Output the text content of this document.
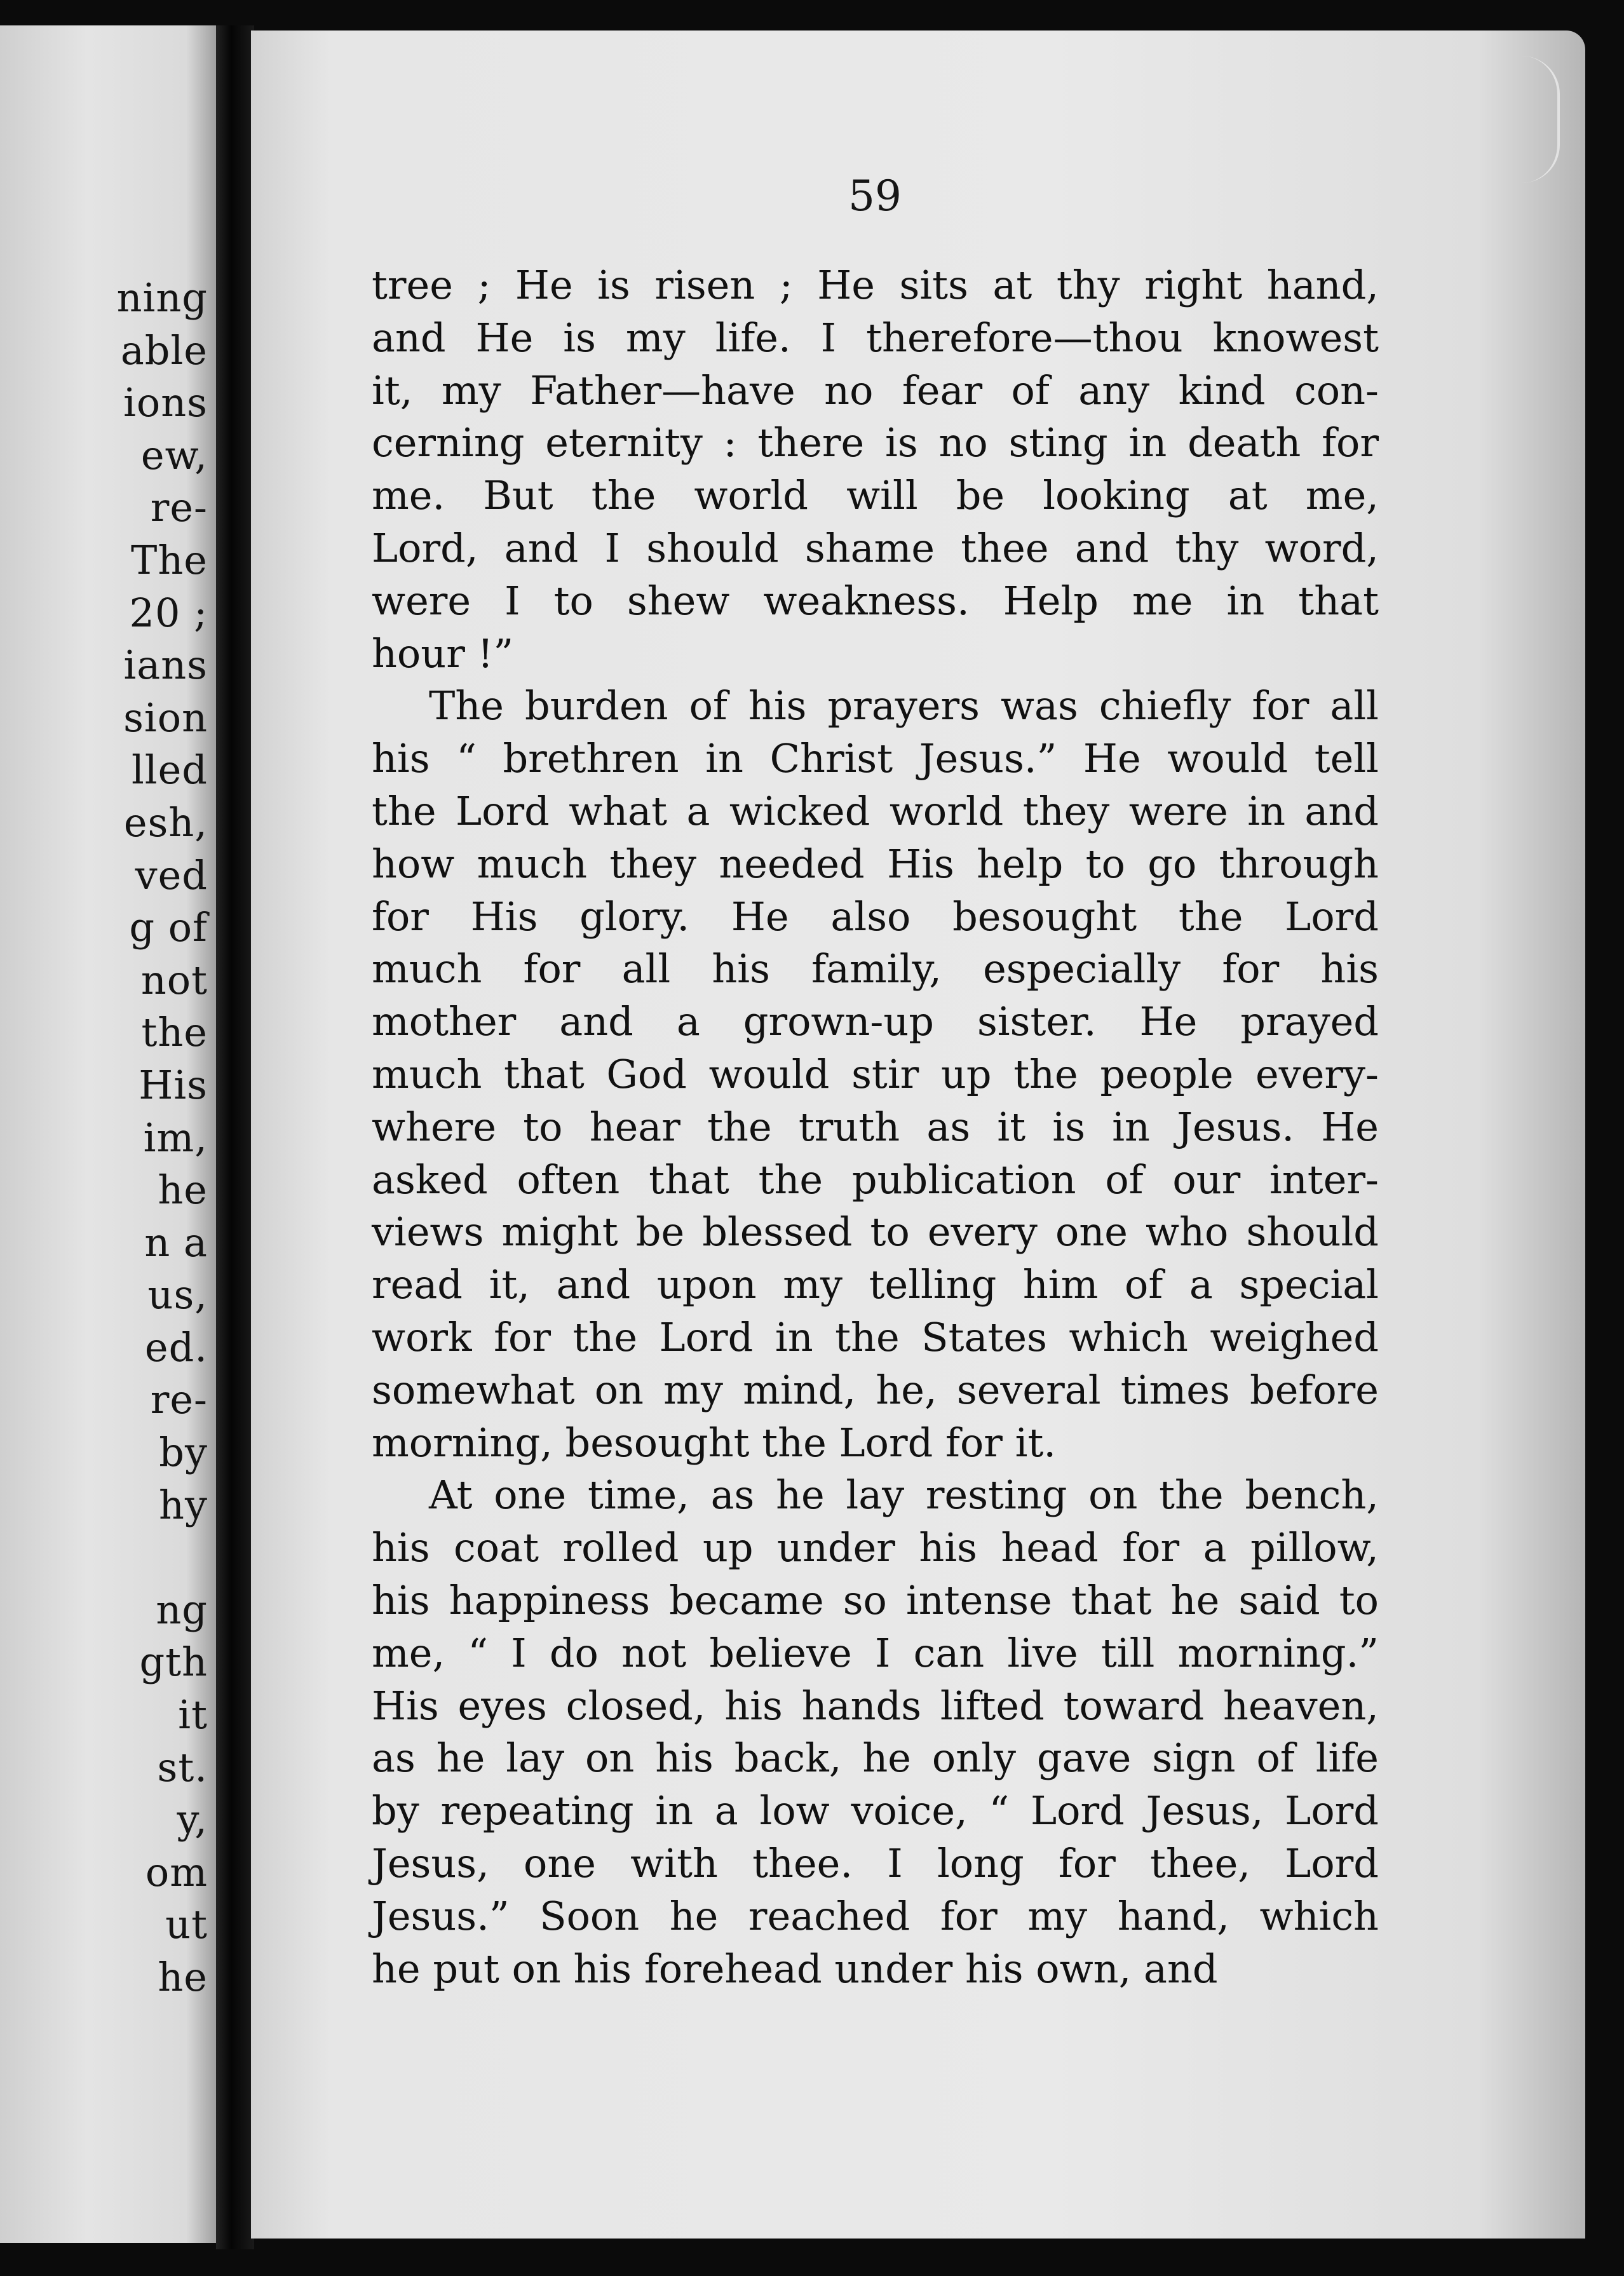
ning
able
ions
ew,
re-
The
20 ;
ians
sion
lled
esh,
ved
g of
not
the
His
im,
he
n a
us,
ed.
re-
by
hy

ng
gth
it
st.
y,
om
ut
he
59
tree ; He is risen ; He sits at thy right hand,
and He is my life. I therefore—thou knowest
it, my Father—have no fear of any kind con-
cerning eternity : there is no sting in death for
me. But the world will be looking at me,
Lord, and I should shame thee and thy word,
were I to shew weakness. Help me in that
hour !”
The burden of his prayers was chiefly for all
his “ brethren in Christ Jesus.” He would tell
the Lord what a wicked world they were in and
how much they needed His help to go through
for His glory. He also besought the Lord
much for all his family, especially for his
mother and a grown-up sister. He prayed
much that God would stir up the people every-
where to hear the truth as it is in Jesus. He
asked often that the publication of our inter-
views might be blessed to every one who should
read it, and upon my telling him of a special
work for the Lord in the States which weighed
somewhat on my mind, he, several times before
morning, besought the Lord for it.
At one time, as he lay resting on the bench,
his coat rolled up under his head for a pillow,
his happiness became so intense that he said to
me, “ I do not believe I can live till morning.”
His eyes closed, his hands lifted toward heaven,
as he lay on his back, he only gave sign of life
by repeating in a low voice, “ Lord Jesus, Lord
Jesus, one with thee. I long for thee, Lord
Jesus.” Soon he reached for my hand, which
he put on his forehead under his own, and
